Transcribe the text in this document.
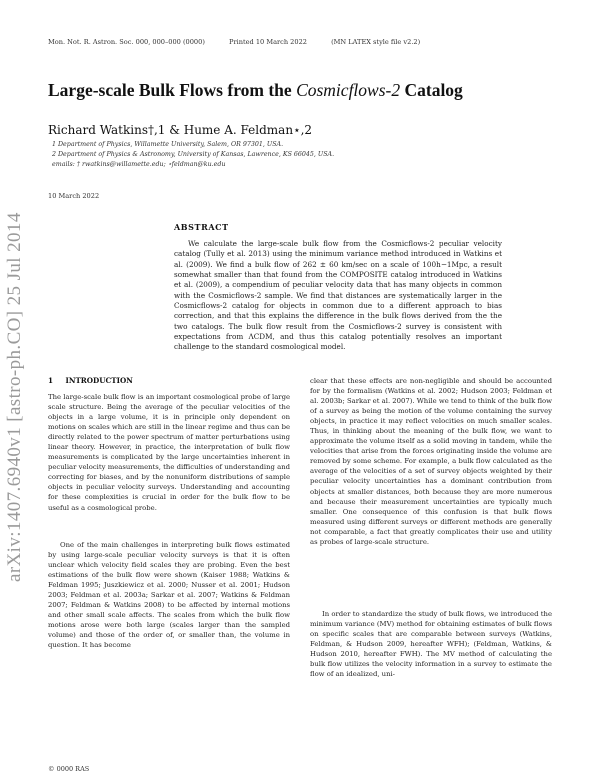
Mon. Not. R. Astron. Soc. 000, 000–000 (0000)	Printed 10 March 2022	(MN LATEX style file v2.2)
Large-scale Bulk Flows from the Cosmicflows-2 Catalog
Richard Watkins†,1 & Hume A. Feldman⋆,2
1 Department of Physics, Willamette University, Salem, OR 97301, USA.
2 Department of Physics & Astronomy, University of Kansas, Lawrence, KS 66045, USA.
emails: † rwatkins@willamette.edu; ⋆feldman@ku.edu
10 March 2022
arXiv:1407.6940v1 [astro-ph.CO] 25 Jul 2014	ABSTRACT
We calculate the large-scale bulk flow from the Cosmicflows-2 peculiar velocity catalog (Tully et al. 2013) using the minimum variance method introduced in Watkins et al. (2009). We find a bulk flow of 262 ± 60 km/sec on a scale of 100h−1Mpc, a result somewhat smaller than that found from the COMPOSITE catalog introduced in Watkins et al. (2009), a compendium of peculiar velocity data that has many objects in common with the Cosmicflows-2 sample. We find that distances are systematically larger in the Cosmicflows-2 catalog for objects in common due to a different approach to bias correction, and that this explains the difference in the bulk flows derived from the the two catalogs. The bulk flow result from the Cosmicflows-2 survey is consistent with expectations from ΛCDM, and thus this catalog potentially resolves an important challenge to the standard cosmological model.
1 INTRODUCTION

The large-scale bulk flow is an important cosmological probe of large scale structure. Being the average of the peculiar velocities of the objects in a large volume, it is in principle only dependent on motions on scales which are still in the linear regime and thus can be directly related to the power spectrum of matter perturbations using linear theory. However, in practice, the interpretation of bulk flow measurements is complicated by the large uncertainties inherent in peculiar velocity measurements, the difficulties of understanding and correcting for biases, and by the nonuniform distributions of sample objects in peculiar velocity surveys. Understanding and accounting for these complexities is crucial in order for the bulk flow to be useful as a cosmological probe.

One of the main challenges in interpreting bulk flows estimated by using large-scale peculiar velocity surveys is that it is often unclear which velocity field scales they are probing. Even the best estimations of the bulk flow were shown (Kaiser 1988; Watkins & Feldman 1995; Juszkiewicz et al. 2000; Nusser et al. 2001; Hudson 2003; Feldman et al. 2003a; Sarkar et al. 2007; Watkins & Feldman 2007; Feldman & Watkins 2008) to be affected by internal motions and other small scale affects. The scales from which the bulk flow motions arose were both large (scales larger than the sampled volume) and those of the order of, or smaller than, the volume in question. It has become

clear that these effects are non-negligible and should be accounted for by the formalism (Watkins et al. 2002; Hudson 2003; Feldman et al. 2003b; Sarkar et al. 2007). While we tend to think of the bulk flow of a survey as being the motion of the volume containing the survey objects, in practice it may reflect velocities on much smaller scales. Thus, in thinking about the meaning of the bulk flow, we want to approximate the volume itself as a solid moving in tandem, while the velocities that arise from the forces originating inside the volume are removed by some scheme. For example, a bulk flow calculated as the average of the velocities of a set of survey objects weighted by their peculiar velocity uncertainties has a dominant contribution from objects at smaller distances, both because they are more numerous and because their measurement uncertainties are typically much smaller. One consequence of this confusion is that bulk flows measured using different surveys or different methods are generally not comparable, a fact that greatly complicates their use and utility as probes of large-scale structure.

In order to standardize the study of bulk flows, we introduced the minimum variance (MV) method for obtaining estimates of bulk flows on specific scales that are comparable between surveys (Watkins, Feldman, & Hudson 2009, hereafter WFH); (Feldman, Watkins, & Hudson 2010, hereafter FWH). The MV method of calculating the bulk flow utilizes the velocity information in a survey to estimate the flow of an idealized, uni-

© 0000 RAS
